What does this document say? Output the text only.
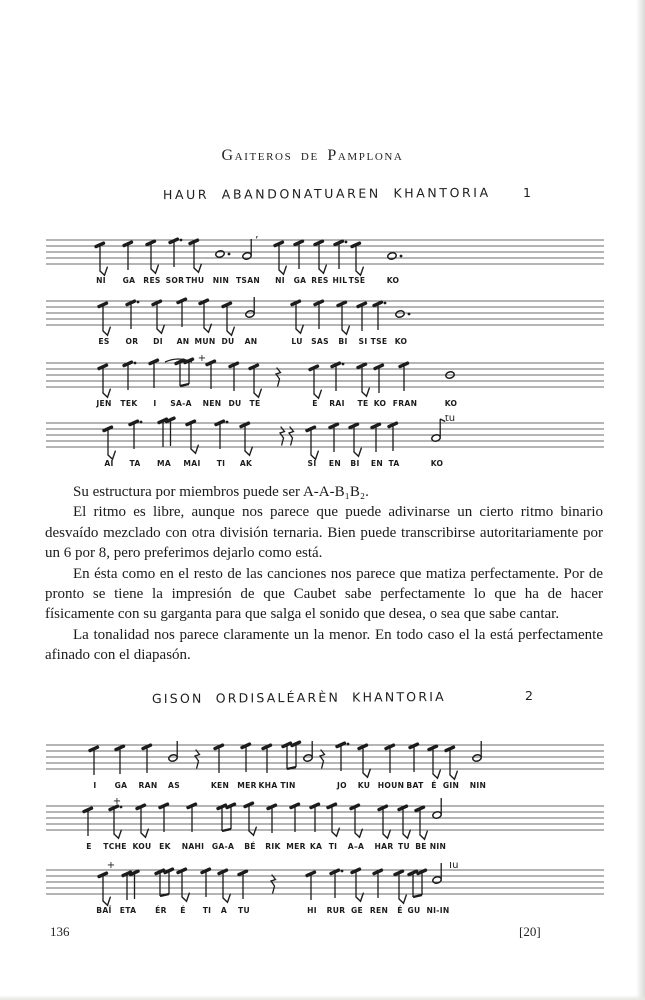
Gaiteros de Pamplona
HAUR ABANDONATUAREN KHANTORIA	1
NI GA RES SOR THU NIN
’
TSAN NI GA RES HIL TSE	KO
ES OR DI AN MUN DU AN	LU SAS BI SI TSE KO
JEN TEK I SA-A NEN DU TE	E RAI TE KO FRAN	KO
+
AI TA MA MAI TI AK	SI EN BI EN TA	KO
tu

Su estructura por miembros puede ser A-A-B₁B₂.

El ritmo es libre, aunque nos parece que puede adivinarse un cierto ritmo binario desvaído mezclado con otra división ternaria. Bien puede transcribirse autoritariamente por un 6 por 8, pero preferimos dejarlo como está.

En ésta como en el resto de las canciones nos parece que matiza perfectamente. Por de pronto se tiene la impresión de que Caubet sabe perfectamente lo que ha de hacer físicamente con su garganta para que salga el sonido que desea, o sea que sabe cantar.

La tonalidad nos parece claramente un la menor. En todo caso el la está perfectamente afinado con el diapasón.

GISON ORDISALÉARÈN KHANTORIA	2
I GA RAN AS	KEN MER KHA TIN	JO KU HOUN BAT É GIN NIN
E TCHE KOU EK NAHI GA-A BÉ RIK MER KA TI A–A HAR TU BE NIN
+
BAÏ ETA ÉR É TI A TU	HI RUR GE REN É GU NI-IN
+	Tu
136	[20]
